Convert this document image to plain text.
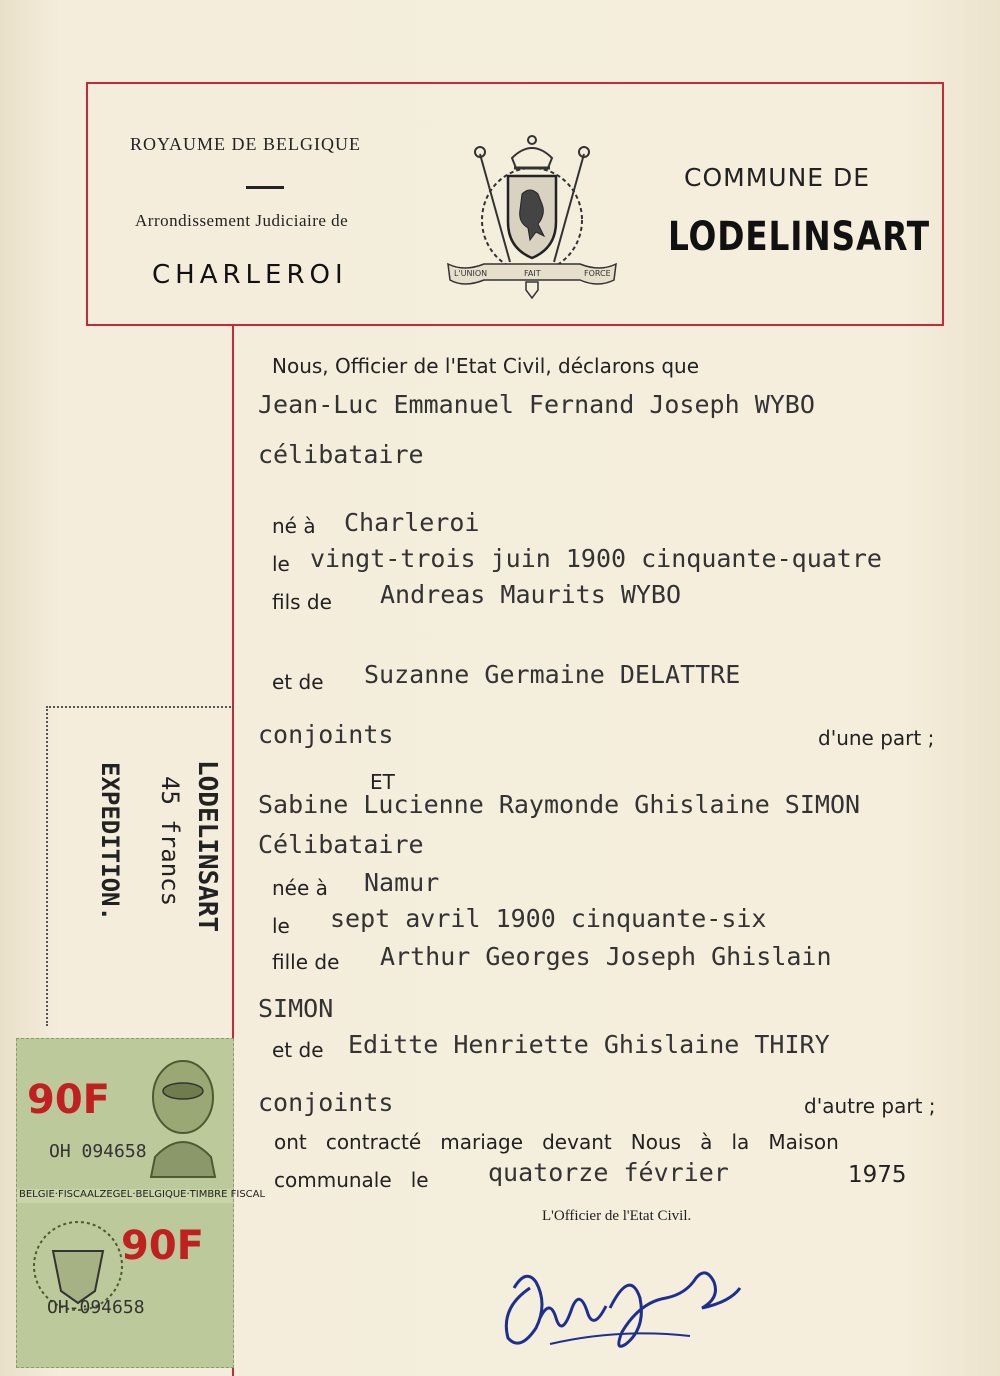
ROYAUME DE BELGIQUE
Arrondissement Judiciaire de
CHARLEROI	L'UNION	FAIT	FORCE
COMMUNE DE
LODELINSART
Nous, Officier de l'Etat Civil, déclarons que
Jean-Luc Emmanuel Fernand Joseph WYBO
célibataire
né à Charleroi
le vingt-trois juin 1900 cinquante-quatre
fils de Andreas Maurits WYBO
et de Suzanne Germaine DELATTRE
conjoints	d'une part ;
ET
Sabine Lucienne Raymonde Ghislaine SIMON
Célibataire
née à Namur
le sept avril 1900 cinquante-six
fille de Arthur Georges Joseph Ghislain
SIMON
et de Editte Henriette Ghislaine THIRY
conjoints	d'autre part ;
ont   contracté   mariage   devant   Nous   à   la   Maison
communale   le quatorze février	1975
L'Officier de l'Etat Civil.
LODELINSART
45 francs
EXPEDITION.
90F
OH 094658
BELGIE·FISCAALZEGEL·BELGIQUE·TIMBRE FISCAL
90F
OH-094658
